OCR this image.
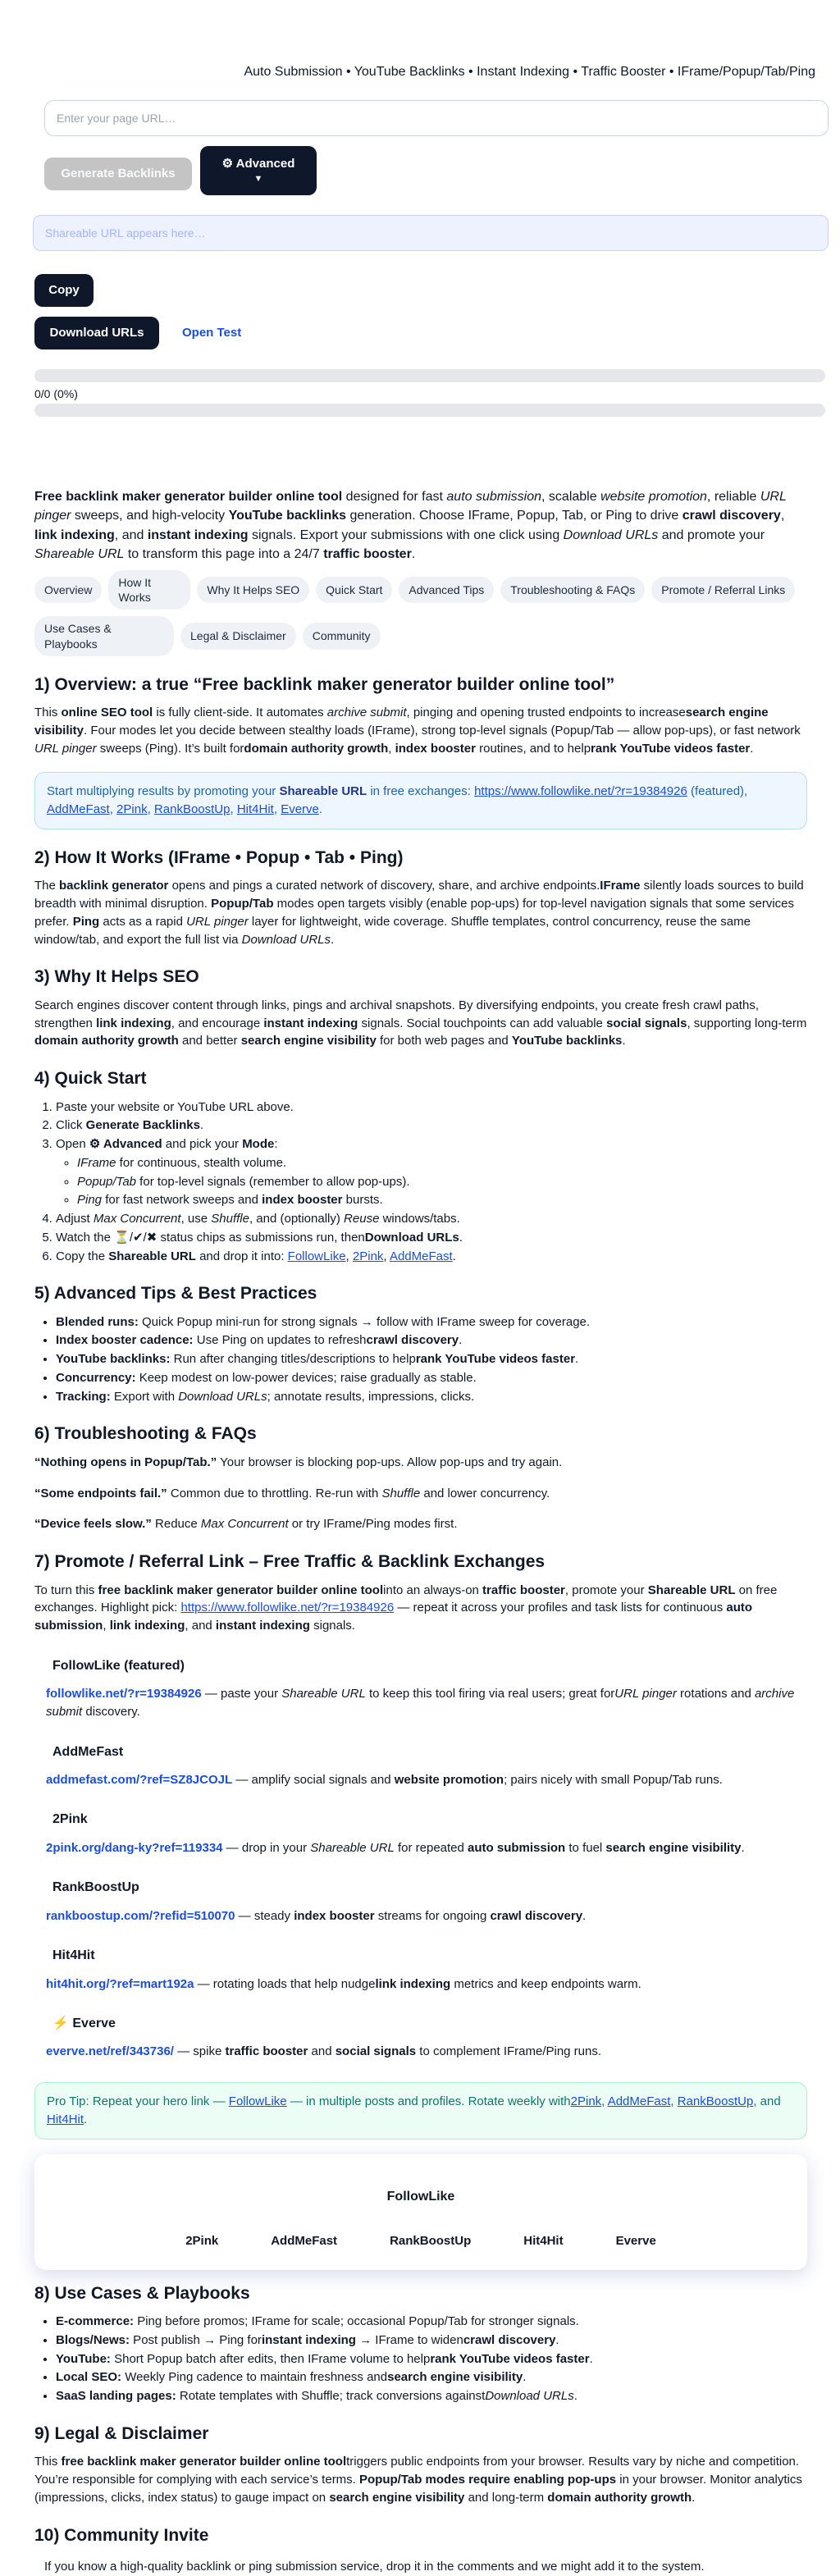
Auto Submission • YouTube Backlinks • Instant Indexing • Traffic Booster • IFrame/Popup/Tab/Ping
Enter your page URL…
Generate Backlinks
⚙ Advanced
▼
Shareable URL appears here…
Copy
Download URLs	Open Test
0/0 (0%)
Free backlink maker generator builder online tool designed for fast auto submission, scalable website promotion, reliable URL pinger sweeps, and high-velocity YouTube backlinks generation. Choose IFrame, Popup, Tab, or Ping to drive crawl discovery, link indexing, and instant indexing signals. Export your submissions with one click using Download URLs and promote your Shareable URL to transform this page into a 24/7 traffic booster.
Overview
How It Works
Why It Helps SEO	Quick Start	Advanced Tips	Troubleshooting & FAQs	Promote / Referral Links
Use Cases & Playbooks
Legal & Disclaimer	Community
1) Overview: a true “Free backlink maker generator builder online tool”

This online SEO tool is fully client-side. It automates archive submit, pinging and opening trusted endpoints to increasesearch engine visibility. Four modes let you decide between stealthy loads (IFrame), strong top-level signals (Popup/Tab — allow pop-ups), or fast network URL pinger sweeps (Ping). It’s built fordomain authority growth, index booster routines, and to helprank YouTube videos faster.

Start multiplying results by promoting your Shareable URL in free exchanges: https://www.followlike.net/?r=19384926 (featured), AddMeFast, 2Pink, RankBoostUp, Hit4Hit, Everve.
2) How It Works (IFrame • Popup • Tab • Ping)

The backlink generator opens and pings a curated network of discovery, share, and archive endpoints.IFrame silently loads sources to build breadth with minimal disruption. Popup/Tab modes open targets visibly (enable pop-ups) for top-level navigation signals that some services prefer. Ping acts as a rapid URL pinger layer for lightweight, wide coverage. Shuffle templates, control concurrency, reuse the same window/tab, and export the full list via Download URLs.

3) Why It Helps SEO

Search engines discover content through links, pings and archival snapshots. By diversifying endpoints, you create fresh crawl paths, strengthen link indexing, and encourage instant indexing signals. Social touchpoints can add valuable social signals, supporting long-term domain authority growth and better search engine visibility for both web pages and YouTube backlinks.

4) Quick Start
1. Paste your website or YouTube URL above.
2. Click Generate Backlinks.
3. Open ⚙ Advanced and pick your Mode:
◦ IFrame for continuous, stealth volume.
◦ Popup/Tab for top-level signals (remember to allow pop-ups).
◦ Ping for fast network sweeps and index booster bursts.
4. Adjust Max Concurrent, use Shuffle, and (optionally) Reuse windows/tabs.
5. Watch the ⏳/✔/✖ status chips as submissions run, thenDownload URLs.
6. Copy the Shareable URL and drop it into: FollowLike, 2Pink, AddMeFast.
5) Advanced Tips & Best Practices
• Blended runs: Quick Popup mini-run for strong signals → follow with IFrame sweep for coverage.
• Index booster cadence: Use Ping on updates to refreshcrawl discovery.
• YouTube backlinks: Run after changing titles/descriptions to helprank YouTube videos faster.
• Concurrency: Keep modest on low-power devices; raise gradually as stable.
• Tracking: Export with Download URLs; annotate results, impressions, clicks.
6) Troubleshooting & FAQs

“Nothing opens in Popup/Tab.” Your browser is blocking pop-ups. Allow pop-ups and try again.

“Some endpoints fail.” Common due to throttling. Re-run with Shuffle and lower concurrency.

“Device feels slow.” Reduce Max Concurrent or try IFrame/Ping modes first.

7) Promote / Referral Link – Free Traffic & Backlink Exchanges

To turn this free backlink maker generator builder online toolinto an always-on traffic booster, promote your Shareable URL on free exchanges. Highlight pick: https://www.followlike.net/?r=19384926 — repeat it across your profiles and task lists for continuous auto submission, link indexing, and instant indexing signals.

FollowLike (featured)
followlike.net/?r=19384926 — paste your Shareable URL to keep this tool firing via real users; great forURL pinger rotations and archive submit discovery.
AddMeFast
addmefast.com/?ref=SZ8JCOJL — amplify social signals and website promotion; pairs nicely with small Popup/Tab runs.
2Pink
2pink.org/dang-ky?ref=119334 — drop in your Shareable URL for repeated auto submission to fuel search engine visibility.
RankBoostUp
rankboostup.com/?refid=510070 — steady index booster streams for ongoing crawl discovery.
Hit4Hit
hit4hit.org/?ref=mart192a — rotating loads that help nudgelink indexing metrics and keep endpoints warm.
⚡ Everve
everve.net/ref/343736/ — spike traffic booster and social signals to complement IFrame/Ping runs.
Pro Tip: Repeat your hero link — FollowLike — in multiple posts and profiles. Rotate weekly with2Pink, AddMeFast, RankBoostUp, and Hit4Hit.
FollowLike
2Pink	AddMeFast	RankBoostUp	Hit4Hit	Everve
8) Use Cases & Playbooks
• E-commerce: Ping before promos; IFrame for scale; occasional Popup/Tab for stronger signals.
• Blogs/News: Post publish → Ping forinstant indexing → IFrame to widencrawl discovery.
• YouTube: Short Popup batch after edits, then IFrame volume to helprank YouTube videos faster.
• Local SEO: Weekly Ping cadence to maintain freshness andsearch engine visibility.
• SaaS landing pages: Rotate templates with Shuffle; track conversions againstDownload URLs.
9) Legal & Disclaimer

This free backlink maker generator builder online tooltriggers public endpoints from your browser. Results vary by niche and competition. You’re responsible for complying with each service’s terms. Popup/Tab modes require enabling pop-ups in your browser. Monitor analytics (impressions, clicks, index status) to gauge impact on search engine visibility and long-term domain authority growth.

10) Community Invite
If you know a high-quality backlink or ping submission service, drop it in the comments and we might add it to the system.
